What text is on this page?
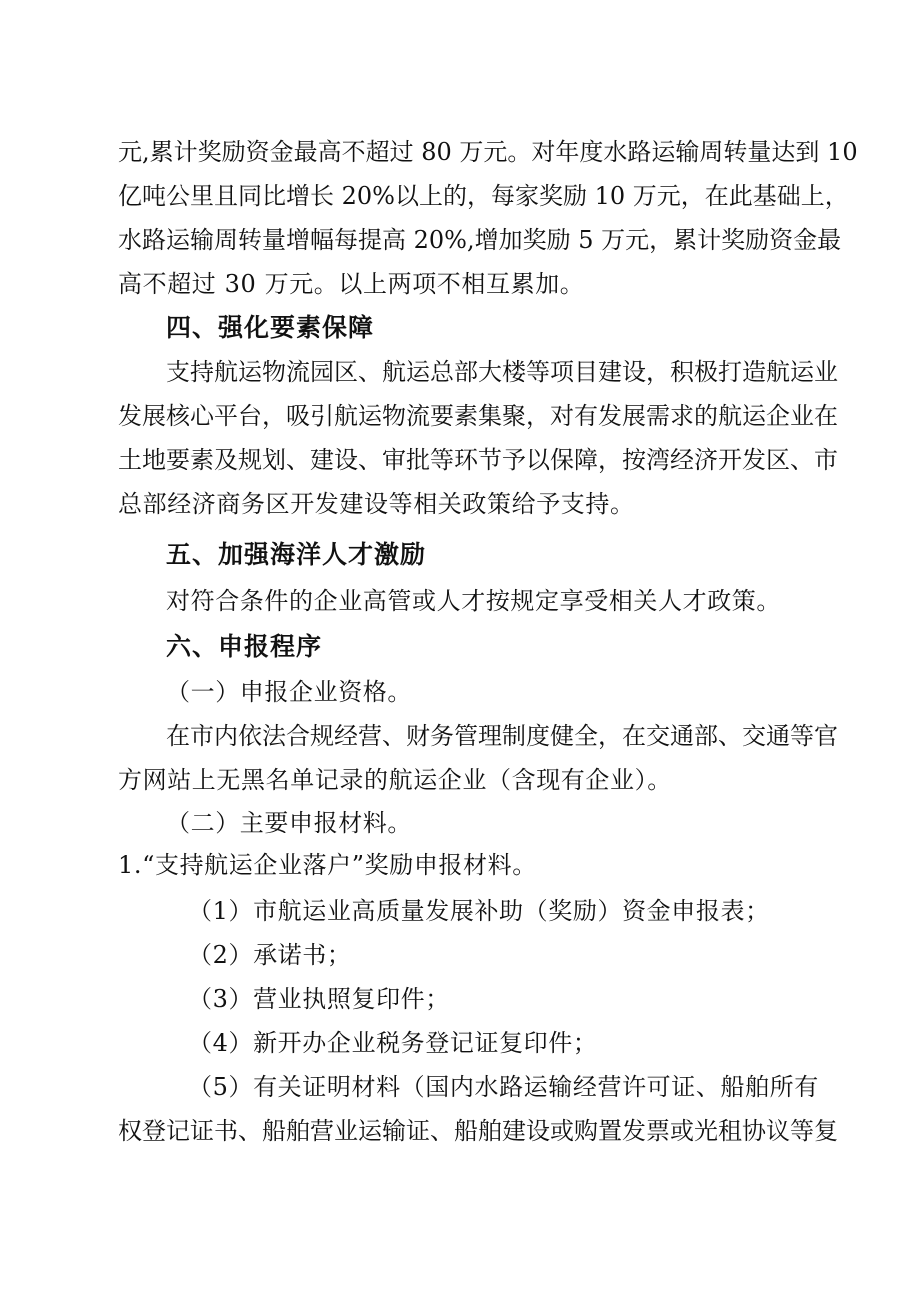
元,累计奖励资金最高不超过 80 万元。对年度水路运输周转量达到 10
亿吨公里且同比增长 20%以上的，每家奖励 10 万元，在此基础上，
水路运输周转量增幅每提高 20%,增加奖励 5 万元，累计奖励资金最
高不超过 30 万元。以上两项不相互累加。
四、强化要素保障
支持航运物流园区、航运总部大楼等项目建设，积极打造航运业
发展核心平台，吸引航运物流要素集聚，对有发展需求的航运企业在
土地要素及规划、建设、审批等环节予以保障，按湾经济开发区、市
总部经济商务区开发建设等相关政策给予支持。
五、加强海洋人才激励
对符合条件的企业高管或人才按规定享受相关人才政策。
六、申报程序
（一）申报企业资格。
在市内依法合规经营、财务管理制度健全，在交通部、交通等官
方网站上无黑名单记录的航运企业（含现有企业）。
（二）主要申报材料。
1.“支持航运企业落户”奖励申报材料。
（1）市航运业高质量发展补助（奖励）资金申报表；
（2）承诺书；
（3）营业执照复印件；
（4）新开办企业税务登记证复印件；
（5）有关证明材料（国内水路运输经营许可证、船舶所有
权登记证书、船舶营业运输证、船舶建设或购置发票或光租协议等复
